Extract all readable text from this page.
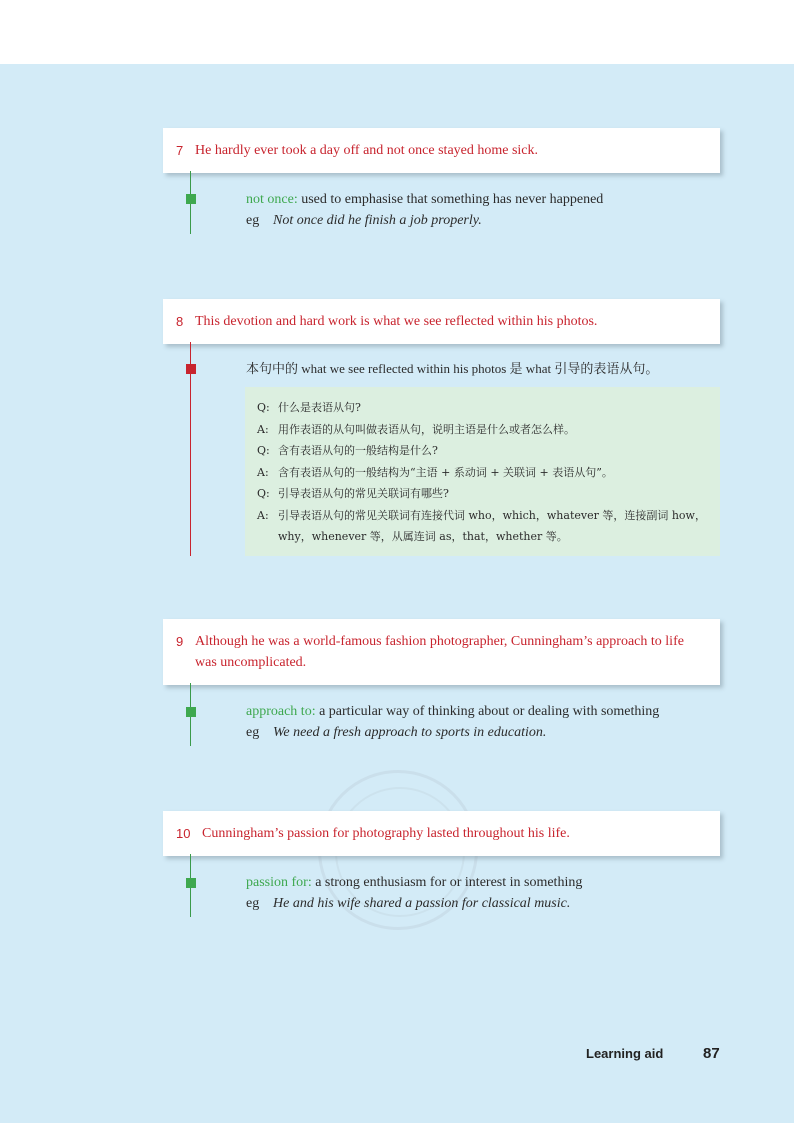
7 He hardly ever took a day off and not once stayed home sick.
not once: used to emphasise that something has never happened
eg Not once did he finish a job properly.
8 This devotion and hard work is what we see reflected within his photos.
本句中的 what we see reflected within his photos 是 what 引导的表语从句。
Q: 什么是表语从句?
A: 用作表语的从句叫做表语从句，说明主语是什么或者怎么样。
Q: 含有表语从句的一般结构是什么?
A: 含有表语从句的一般结构为“主语 + 系动词 + 关联词 + 表语从句”。
Q: 引导表语从句的常见关联词有哪些?
A: 引导表语从句的常见关联词有连接代词 who，which，whatever 等，连接副词 how，why，whenever 等，从属连词 as，that，whether 等。
9 Although he was a world-famous fashion photographer, Cunningham’s approach to life was uncomplicated.
approach to: a particular way of thinking about or dealing with something
eg We need a fresh approach to sports in education.
10 Cunningham’s passion for photography lasted throughout his life.
passion for: a strong enthusiasm for or interest in something
eg He and his wife shared a passion for classical music.
Learning aid	87
